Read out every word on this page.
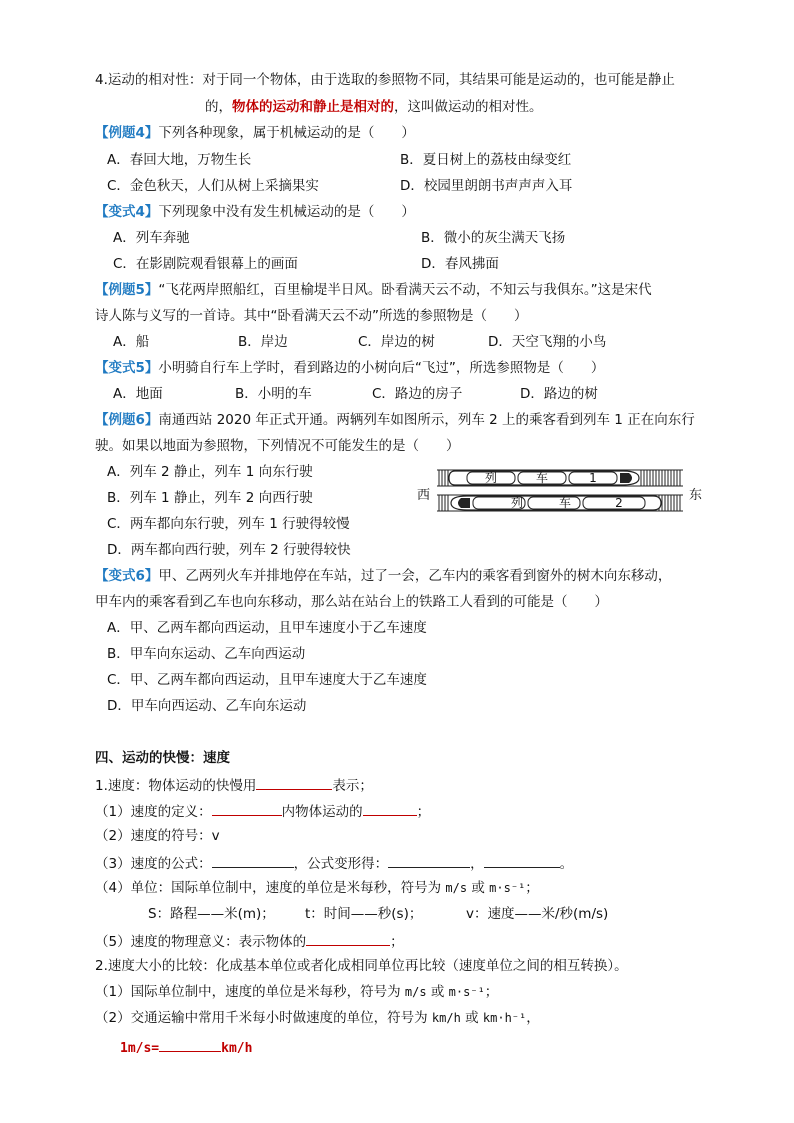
4.运动的相对性：对于同一个物体，由于选取的参照物不同，其结果可能是运动的，也可能是静止
的，物体的运动和静止是相对的，这叫做运动的相对性。
【例题4】下列各种现象，属于机械运动的是（　　）
A．春回大地，万物生长	B．夏日树上的荔枝由绿变红
C．金色秋天，人们从树上采摘果实	D．校园里朗朗书声声声入耳
【变式4】下列现象中没有发生机械运动的是（　　）
A．列车奔驰	B．微小的灰尘满天飞扬
C．在影剧院观看银幕上的画面	D．春风拂面
【例题5】“飞花两岸照船红，百里榆堤半日风。卧看满天云不动，不知云与我俱东。”这是宋代
诗人陈与义写的一首诗。其中“卧看满天云不动”所选的参照物是（　　）
A．船	B．岸边	C．岸边的树	D．天空飞翔的小鸟
【变式5】小明骑自行车上学时，看到路边的小树向后“飞过”，所选参照物是（　　）
A．地面	B．小明的车	C．路边的房子	D．路边的树
【例题6】南通西站 2020 年正式开通。两辆列车如图所示，列车 2 上的乘客看到列车 1 正在向东行
驶。如果以地面为参照物，下列情况不可能发生的是（　　）
A．列车 2 静止，列车 1 向东行驶
B．列车 1 静止，列车 2 向西行驶
C．两车都向东行驶，列车 1 行驶得较慢
D．两车都向西行驶，列车 2 行驶得较快
西	东
列	车	1
列	车	2
【变式6】甲、乙两列火车并排地停在车站，过了一会，乙车内的乘客看到窗外的树木向东移动，
甲车内的乘客看到乙车也向东移动，那么站在站台上的铁路工人看到的可能是（　　）
A．甲、乙两车都向西运动，且甲车速度小于乙车速度
B．甲车向东运动、乙车向西运动
C．甲、乙两车都向西运动，且甲车速度大于乙车速度
D．甲车向西运动、乙车向东运动
四、运动的快慢：速度
1.速度：物体运动的快慢用	表示；
（1）速度的定义：	内物体运动的	；
（2）速度的符号：v
（3）速度的公式：	，公式变形得：	，	。
（4）单位：国际单位制中，速度的单位是米每秒，符号为 m/s 或 m·s⁻¹；
S：路程——米(m)； t：时间——秒(s)；	v：速度——米/秒(m/s)
（5）速度的物理意义：表示物体的	；
2.速度大小的比较：化成基本单位或者化成相同单位再比较（速度单位之间的相互转换）。
（1）国际单位制中，速度的单位是米每秒，符号为 m/s 或 m·s⁻¹；
（2）交通运输中常用千米每小时做速度的单位，符号为 km/h 或 km·h⁻¹，
1m/s=	km/h
